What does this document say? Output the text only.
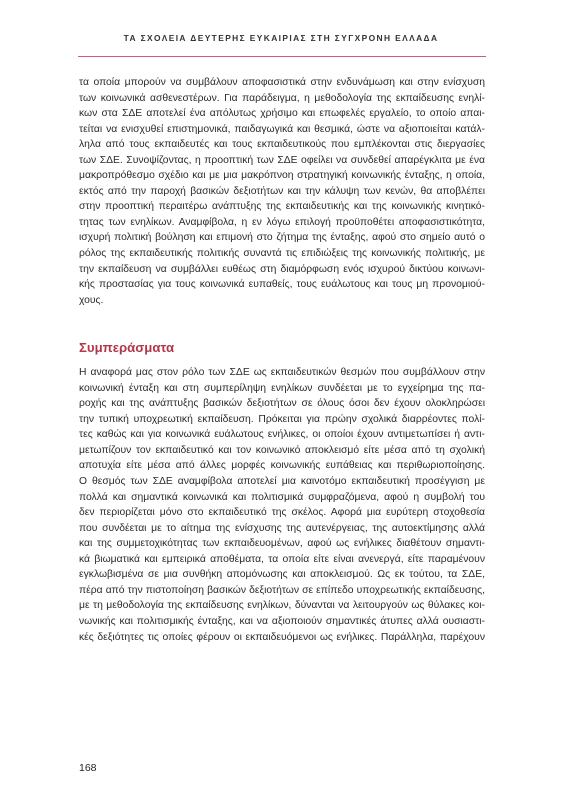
ΤΑ ΣΧΟΛΕΙΑ ΔΕΥΤΕΡΗΣ ΕΥΚΑΙΡΙΑΣ ΣΤΗ ΣΥΓΧΡΟΝΗ ΕΛΛΑΔΑ

τα οποία μπορούν να συμβάλουν αποφασιστικά στην ενδυνάμωση και στην ενίσχυση

των κοινωνικά ασθενεστέρων. Για παράδειγμα, η μεθοδολογία της εκπαίδευσης ενηλί-

κων στα ΣΔΕ αποτελεί ένα απόλυτως χρήσιμο και επωφελές εργαλείο, το οποίο απαι-

τείται να ενισχυθεί επιστημονικά, παιδαγωγικά και θεσμικά, ώστε να αξιοποιείται κατάλ-

ληλα από τους εκπαιδευτές και τους εκπαιδευτικούς που εμπλέκονται στις διεργασίες

των ΣΔΕ. Συνοψίζοντας, η προοπτική των ΣΔΕ οφείλει να συνδεθεί απαρέγκλιτα με ένα

μακροπρόθεσμο σχέδιο και με μια μακρόπνοη στρατηγική κοινωνικής ένταξης, η οποία,

εκτός από την παροχή βασικών δεξιοτήτων και την κάλυψη των κενών, θα αποβλέπει

στην προοπτική περαιτέρω ανάπτυξης της εκπαιδευτικής και της κοινωνικής κινητικό-

τητας των ενηλίκων. Αναμφίβολα, η εν λόγω επιλογή προϋποθέτει αποφασιστικότητα,

ισχυρή πολιτική βούληση και επιμονή στο ζήτημα της ένταξης, αφού στο σημείο αυτό ο

ρόλος της εκπαιδευτικής πολιτικής συναντά τις επιδιώξεις της κοινωνικής πολιτικής, με

την εκπαίδευση να συμβάλλει ευθέως στη διαμόρφωση ενός ισχυρού δικτύου κοινωνι-

κής προστασίας για τους κοινωνικά ευπαθείς, τους ευάλωτους και τους μη προνομιού-

χους.

Συμπεράσματα

Η αναφορά μας στον ρόλο των ΣΔΕ ως εκπαιδευτικών θεσμών που συμβάλλουν στην

κοινωνική ένταξη και στη συμπερίληψη ενηλίκων συνδέεται με το εγχείρημα της πα-

ροχής και της ανάπτυξης βασικών δεξιοτήτων σε όλους όσοι δεν έχουν ολοκληρώσει

την τυπική υποχρεωτική εκπαίδευση. Πρόκειται για πρώην σχολικά διαρρέοντες πολί-

τες καθώς και για κοινωνικά ευάλωτους ενήλικες, οι οποίοι έχουν αντιμετωπίσει ή αντι-

μετωπίζουν τον εκπαιδευτικό και τον κοινωνικό αποκλεισμό είτε μέσα από τη σχολική

αποτυχία είτε μέσα από άλλες μορφές κοινωνικής ευπάθειας και περιθωριοποίησης.

Ο θεσμός των ΣΔΕ αναμφίβολα αποτελεί μια καινοτόμο εκπαιδευτική προσέγγιση με

πολλά και σημαντικά κοινωνικά και πολιτισμικά συμφραζόμενα, αφού η συμβολή του

δεν περιορίζεται μόνο στο εκπαιδευτικό της σκέλος. Αφορά μια ευρύτερη στοχοθεσία

που συνδέεται με το αίτημα της ενίσχυσης της αυτενέργειας, της αυτοεκτίμησης αλλά

και της συμμετοχικότητας των εκπαιδευομένων, αφού ως ενήλικες διαθέτουν σημαντι-

κά βιωματικά και εμπειρικά αποθέματα, τα οποία είτε είναι ανενεργά, είτε παραμένουν

εγκλωβισμένα σε μια συνθήκη απομόνωσης και αποκλεισμού. Ως εκ τούτου, τα ΣΔΕ,

πέρα από την πιστοποίηση βασικών δεξιοτήτων σε επίπεδο υποχρεωτικής εκπαίδευσης,

με τη μεθοδολογία της εκπαίδευσης ενηλίκων, δύνανται να λειτουργούν ως θύλακες κοι-

νωνικής και πολιτισμικής ένταξης, και να αξιοποιούν σημαντικές άτυπες αλλά ουσιαστι-

κές δεξιότητες τις οποίες φέρουν οι εκπαιδευόμενοι ως ενήλικες. Παράλληλα, παρέχουν

168
